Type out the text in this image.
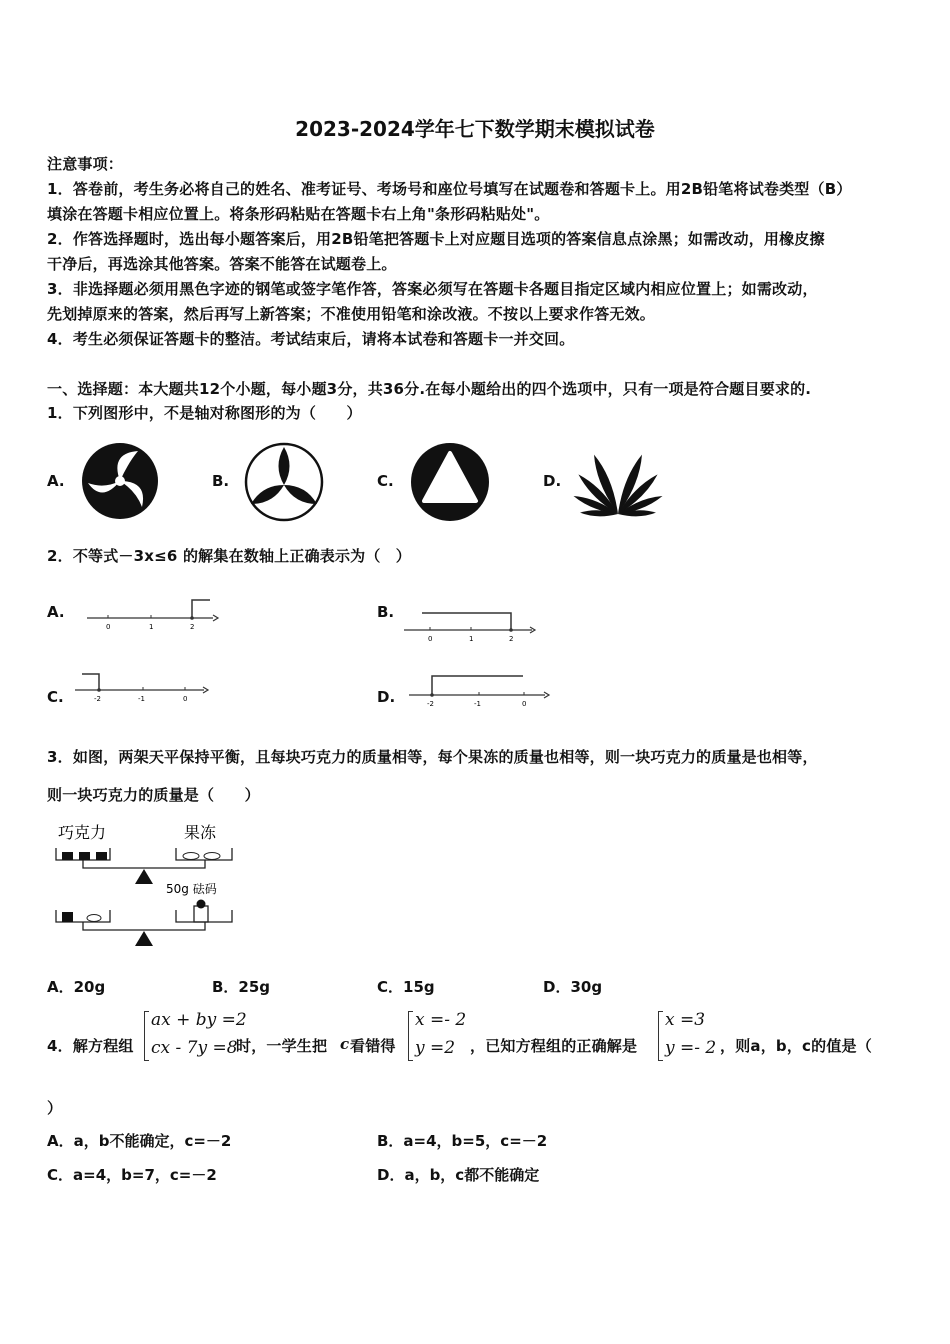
2023-2024学年七下数学期末模拟试卷
注意事项：
1．答卷前，考生务必将自己的姓名、准考证号、考场号和座位号填写在试题卷和答题卡上。用2B铅笔将试卷类型（B）
填涂在答题卡相应位置上。将条形码粘贴在答题卡右上角"条形码粘贴处"。
2．作答选择题时，选出每小题答案后，用2B铅笔把答题卡上对应题目选项的答案信息点涂黑；如需改动，用橡皮擦
干净后，再选涂其他答案。答案不能答在试题卷上。
3．非选择题必须用黑色字迹的钢笔或签字笔作答，答案必须写在答题卡各题目指定区域内相应位置上；如需改动，
先划掉原来的答案，然后再写上新答案；不准使用铅笔和涂改液。不按以上要求作答无效。
4．考生必须保证答题卡的整洁。考试结束后，请将本试卷和答题卡一并交回。
一、选择题：本大题共12个小题，每小题3分，共36分.在每小题给出的四个选项中，只有一项是符合题目要求的.
1．下列图形中，不是轴对称图形的为（　　）
A.	B.	C.	D.
2．不等式－3x≤6 的解集在数轴上正确表示为（　）
A.	B.
C.	D.
0	1	2
0	1	2
-2	-1	0
-2	-1	0
3．如图，两架天平保持平衡，且每块巧克力的质量相等，每个果冻的质量也相等，则一块巧克力的质量是也相等，
则一块巧克力的质量是（　　）
巧克力	果冻
50g 砝码
A．20g	B．25g	C．15g	D．30g
4．解方程组
ax + by =2
cx - 7y =8
时，一学生把 c 看错得
x =- 2
y =2 ，已知方程组的正确解是
x =3
y =- 2 ，则a，b，c的值是（
）
A．a，b不能确定，c=－2	B．a=4，b=5，c=－2
C．a=4，b=7，c=－2	D．a，b，c都不能确定
